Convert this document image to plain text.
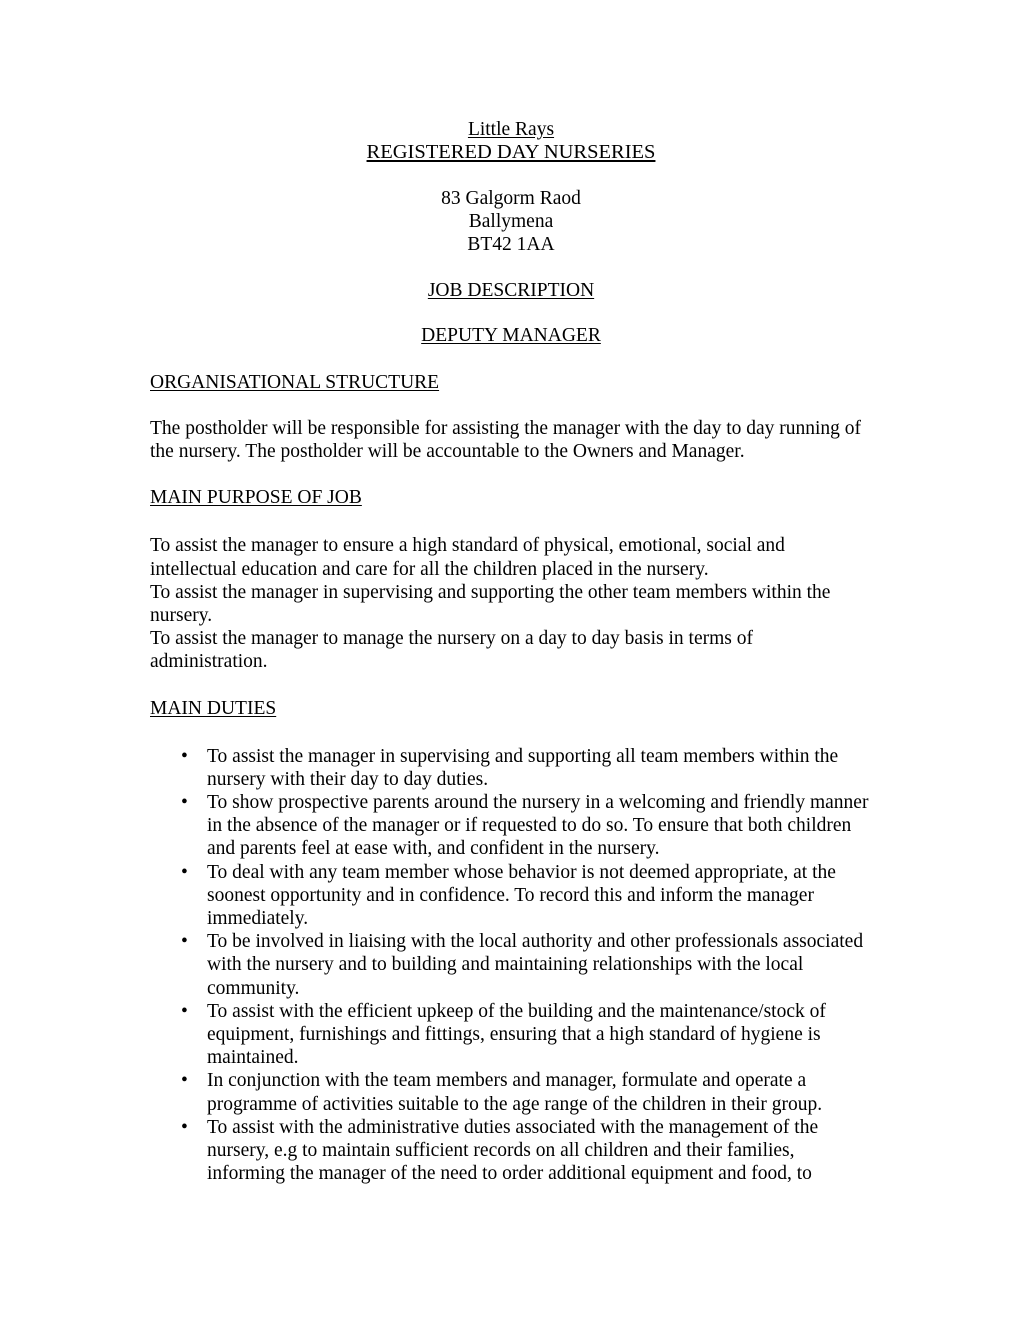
Little Rays
REGISTERED DAY NURSERIES
83 Galgorm Raod
Ballymena
BT42 1AA
JOB DESCRIPTION
DEPUTY MANAGER
ORGANISATIONAL STRUCTURE
The postholder will be responsible for assisting the manager with the day to day running of the nursery. The postholder will be accountable to the Owners and Manager.
MAIN PURPOSE OF JOB
To assist the manager to ensure a high standard of physical, emotional, social and intellectual education and care for all the children placed in the nursery.
To assist the manager in supervising and supporting the other team members within the nursery.
To assist the manager to manage the nursery on a day to day basis in terms of administration.
MAIN DUTIES
• To assist the manager in supervising and supporting all team members within the nursery with their day to day duties.
• To show prospective parents around the nursery in a welcoming and friendly manner in the absence of the manager or if requested to do so. To ensure that both children and parents feel at ease with, and confident in the nursery.
• To deal with any team member whose behavior is not deemed appropriate, at the soonest opportunity and in confidence. To record this and inform the manager immediately.
• To be involved in liaising with the local authority and other professionals associated with the nursery and to building and maintaining relationships with the local community.
• To assist with the efficient upkeep of the building and the maintenance/stock of equipment, furnishings and fittings, ensuring that a high standard of hygiene is maintained.
• In conjunction with the team members and manager, formulate and operate a programme of activities suitable to the age range of the children in their group.
• To assist with the administrative duties associated with the management of the nursery, e.g to maintain sufficient records on all children and their families, informing the manager of the need to order additional equipment and food, to
